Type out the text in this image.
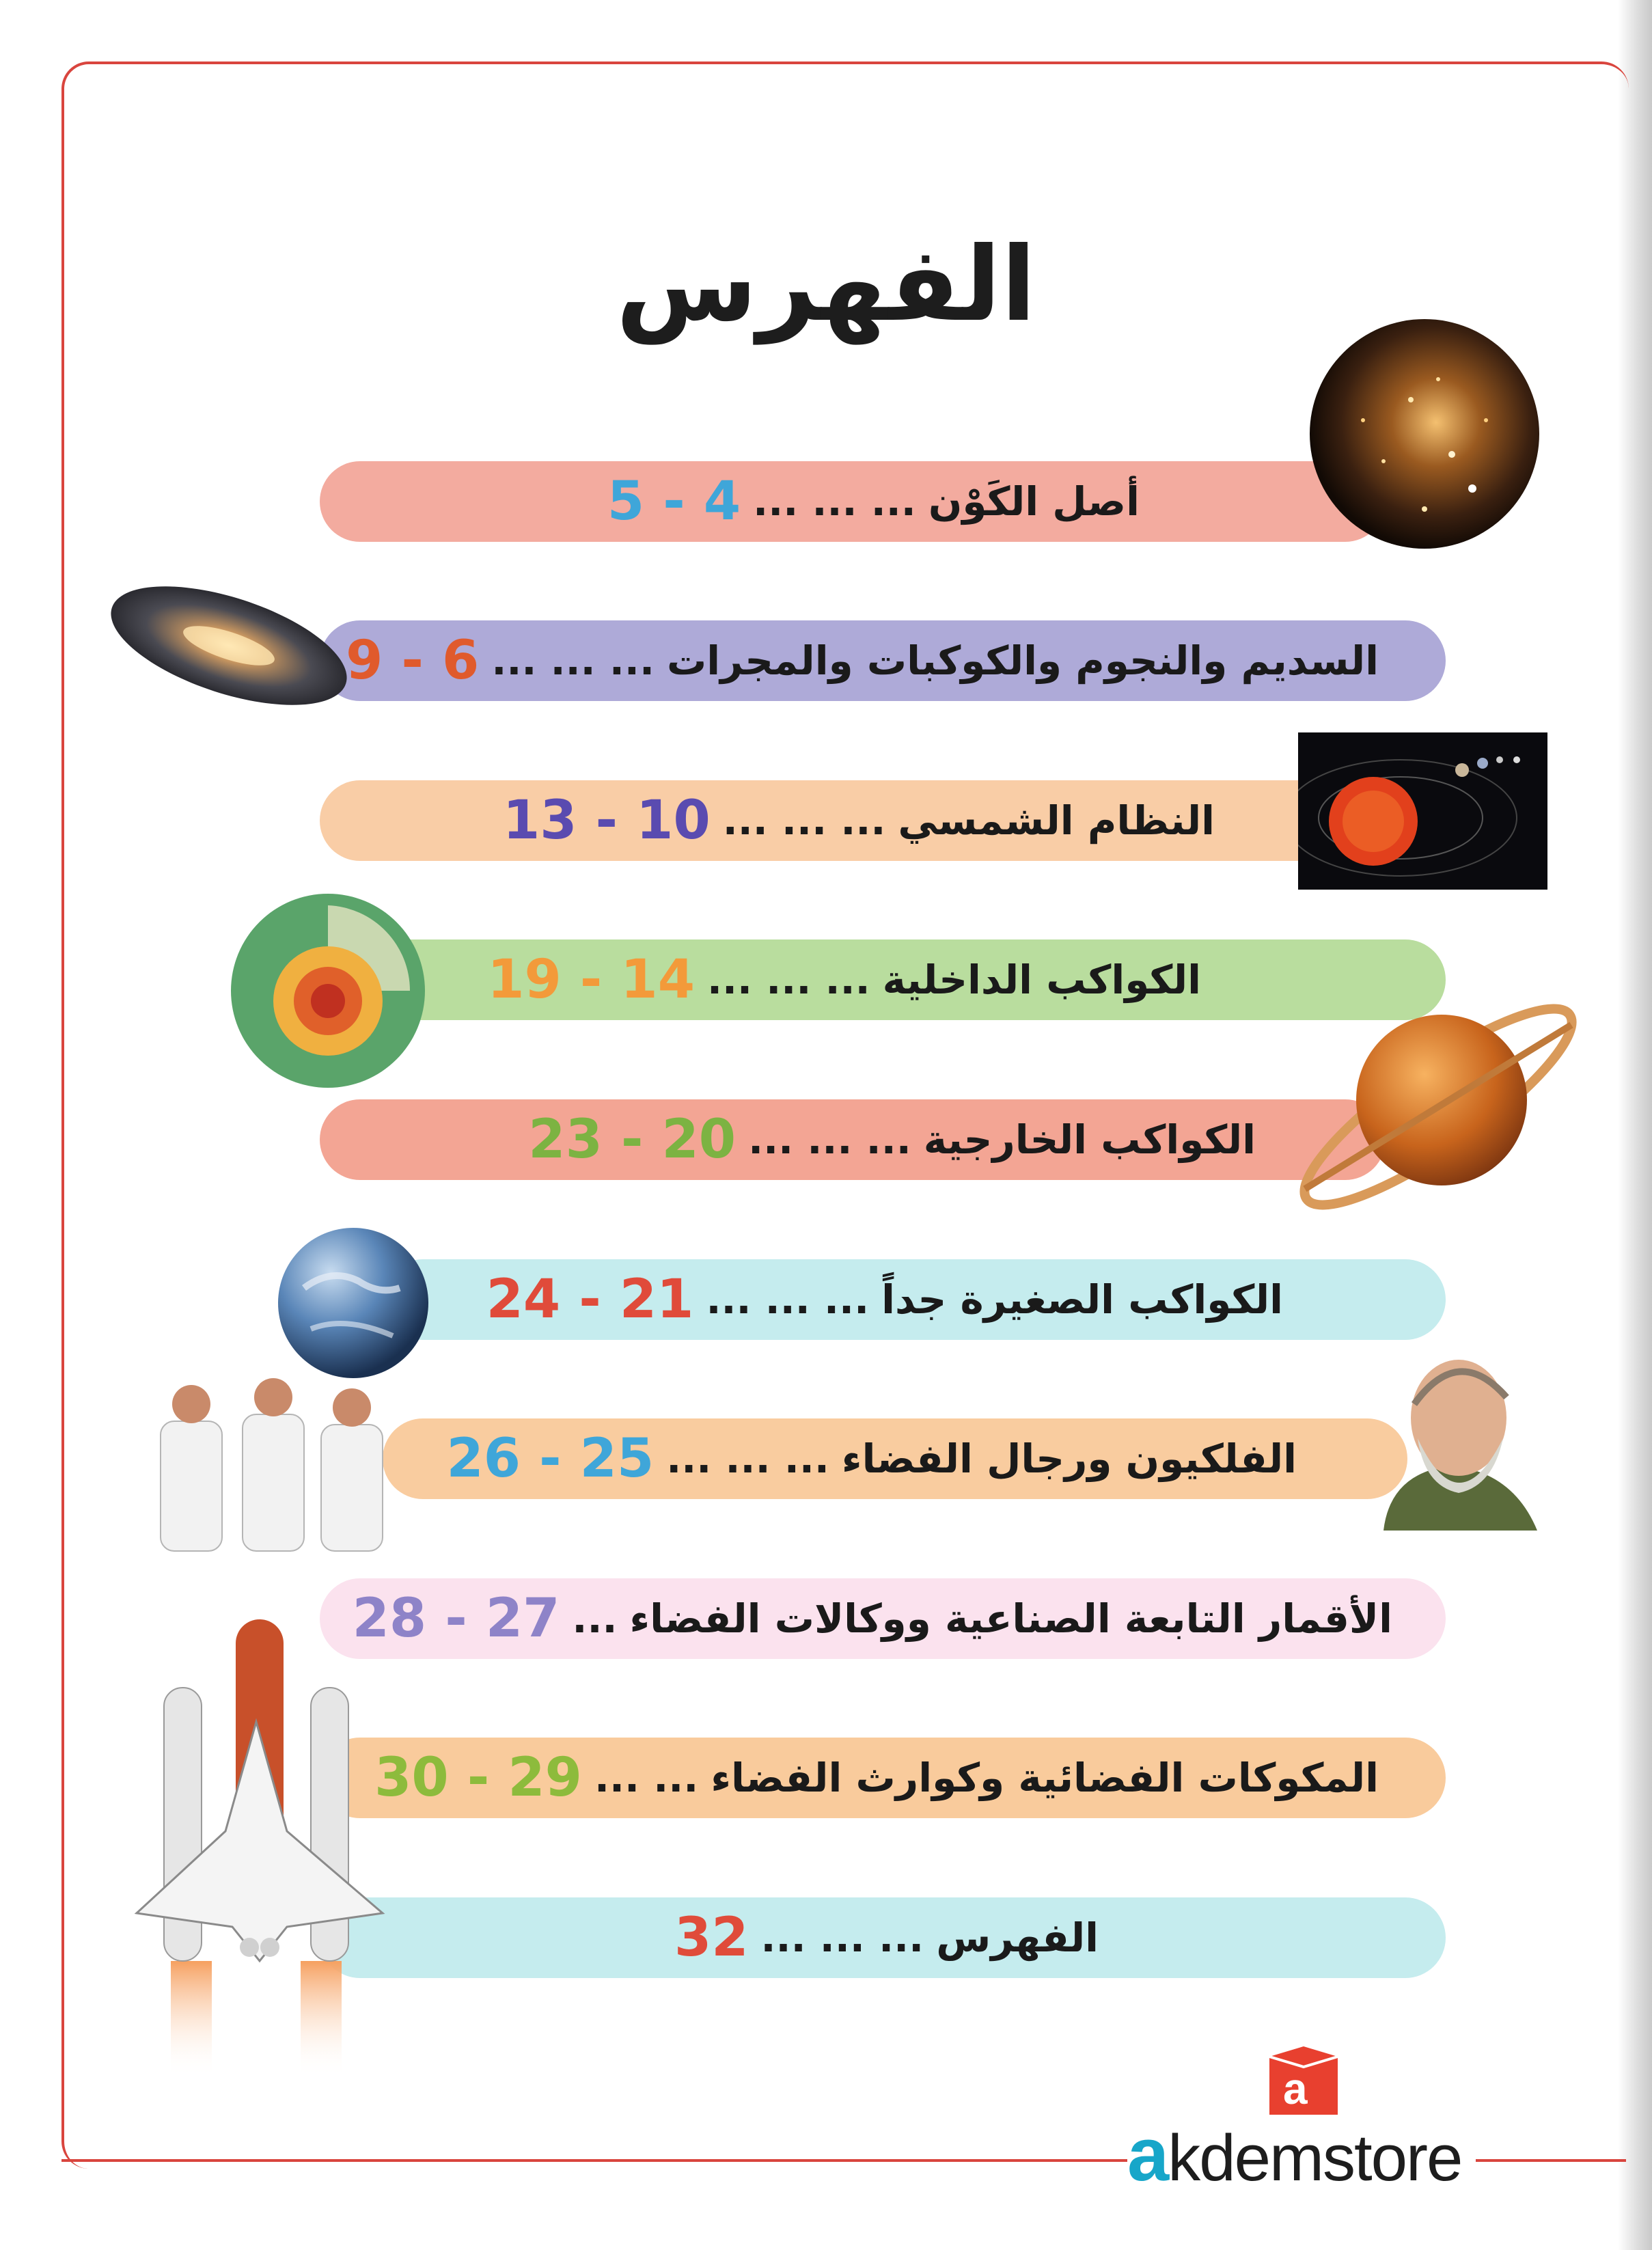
الفهرس
أصل الكَوْن
... ... ...
5 - 4
السديم والنجوم والكوكبات والمجرات
... ... ...
9 - 6
النظام الشمسي
... ... ...
13 - 10
الكواكب الداخلية
... ... ...
19 - 14
الكواكب الخارجية
... ... ...
23 - 20
الكواكب الصغيرة جداً
... ... ...
24 - 21
الفلكيون ورجال الفضاء
... ... ...
26 - 25
الأقمار التابعة الصناعية ووكالات الفضاء
...
28 - 27
المكوكات الفضائية وكوارث الفضاء
... ...
30 - 29
الفهرس
... ... ...
32
a
akdemstore
